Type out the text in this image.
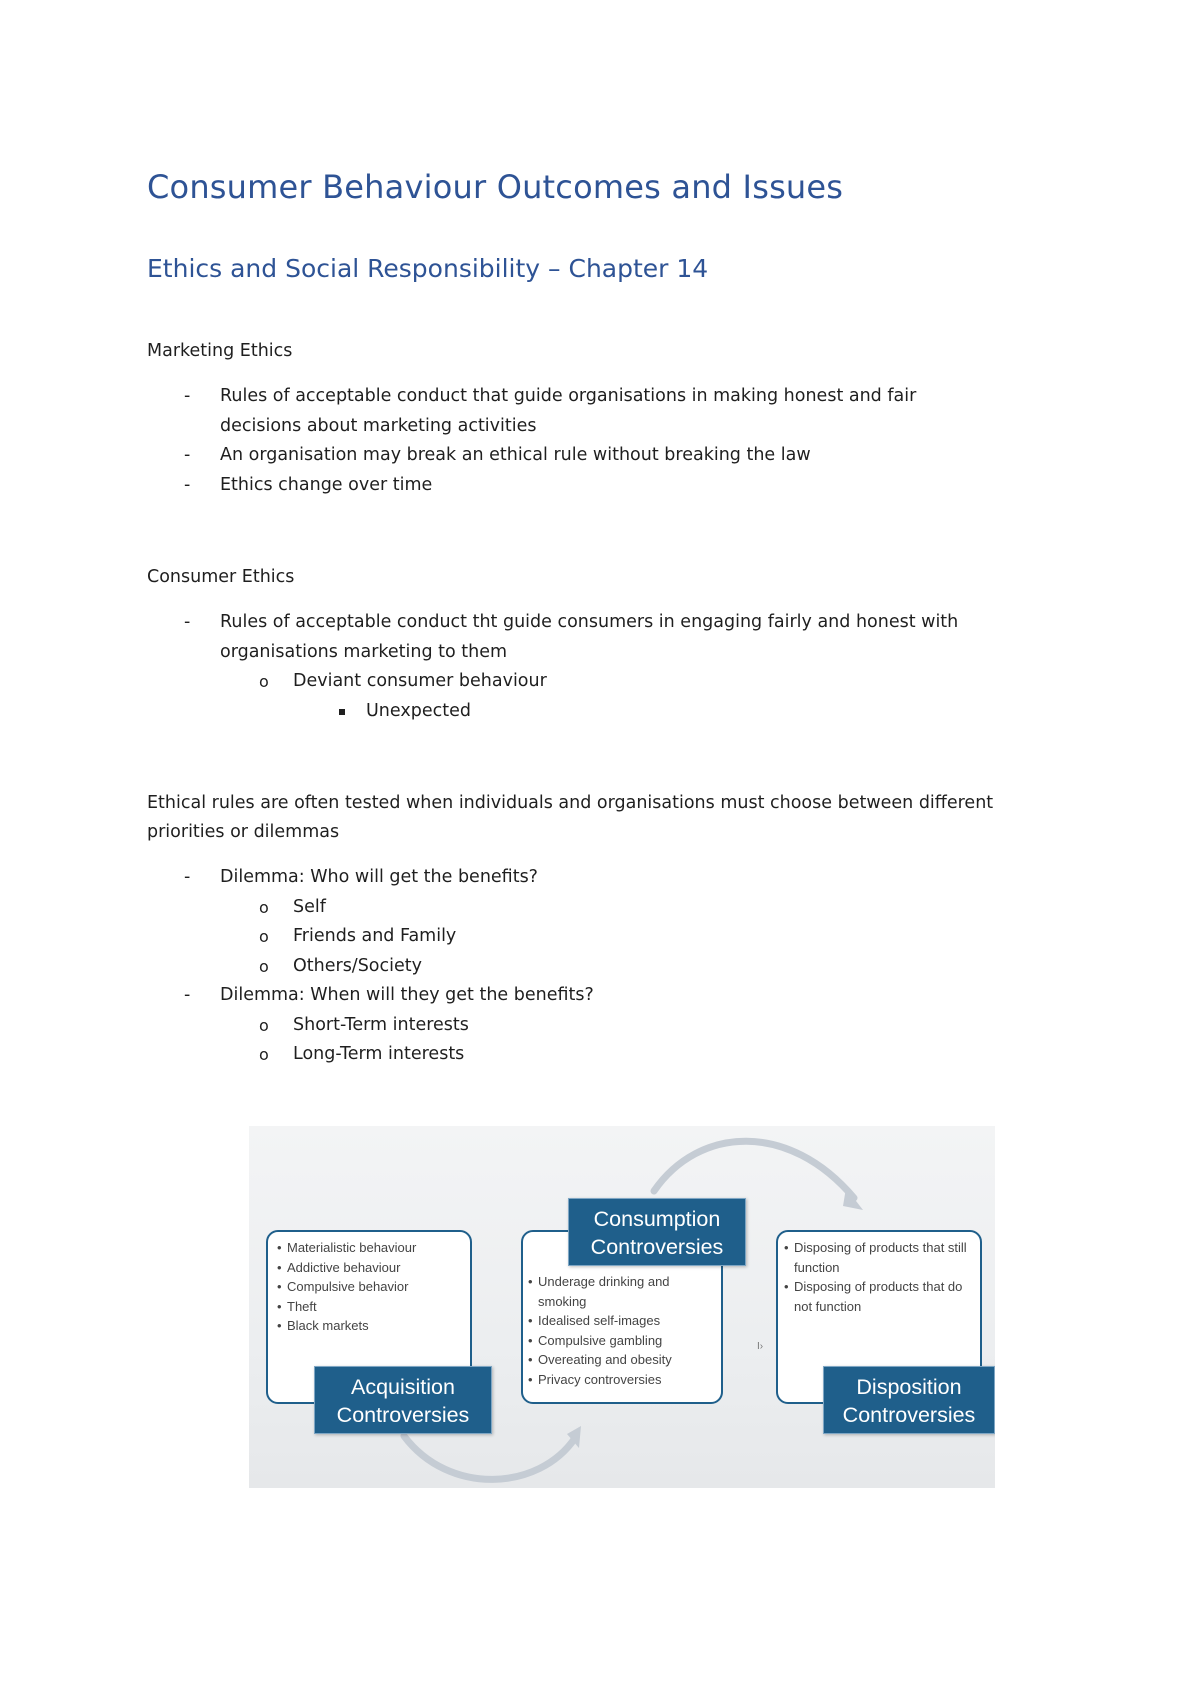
Consumer Behaviour Outcomes and Issues
Ethics and Social Responsibility – Chapter 14

Marketing Ethics

- Rules of acceptable conduct that guide organisations in making honest and fair decisions about marketing activities
- An organisation may break an ethical rule without breaking the law
- Ethics change over time

Consumer Ethics

- Rules of acceptable conduct tht guide consumers in engaging fairly and honest with organisations marketing to them
o Deviant consumer behaviour
Unexpected

Ethical rules are often tested when individuals and organisations must choose between different priorities or dilemmas

- Dilemma: Who will get the benefits?
o Self
o Friends and Family
o Others/Society
- Dilemma: When will they get the benefits?
o Short-Term interests
o Long-Term interests
I›
• Materialistic behaviour
• Addictive behaviour
• Compulsive behavior
• Theft
• Black markets
Acquisition
Controversies
• Underage drinking and smoking
• Idealised self-images
• Compulsive gambling
• Overeating and obesity
• Privacy controversies
Consumption
Controversies	• Disposing of products that still function
• Disposing of products that do not function
Disposition
Controversies
